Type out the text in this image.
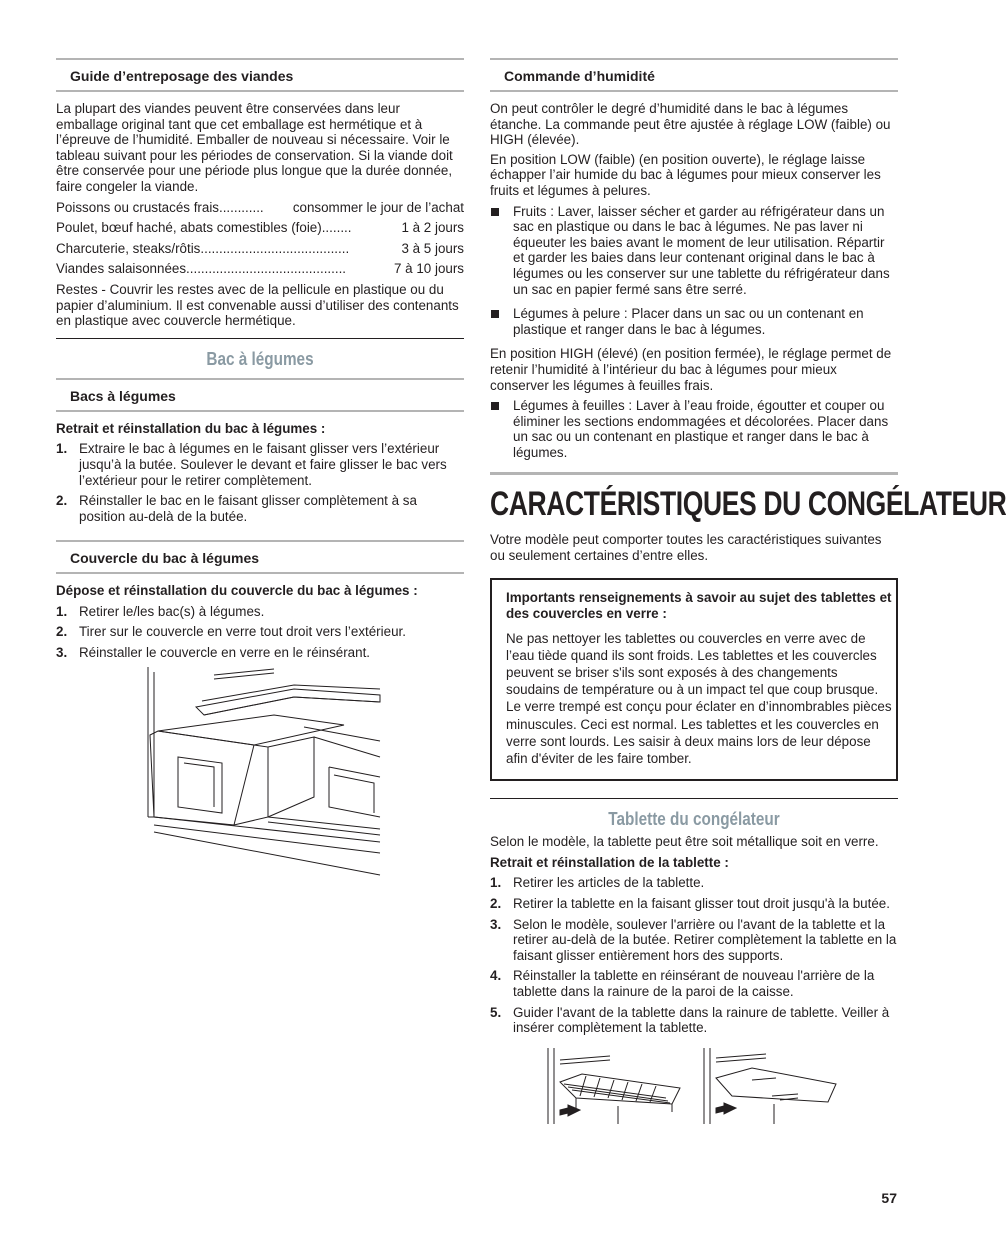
Guide d’entreposage des viandes

La plupart des viandes peuvent être conservées dans leur emballage original tant que cet emballage est hermétique et à l’épreuve de l’humidité. Emballer de nouveau si nécessaire. Voir le tableau suivant pour les périodes de conservation. Si la viande doit être conservée pour une période plus longue que la durée donnée, faire congeler la viande.

Poissons ou crustacés frais............ consommer le jour de l’achat
Poulet, bœuf haché, abats comestibles (foie)........	1 à 2 jours
Charcuterie, steaks/rôtis........................................	3 à 5 jours
Viandes salaisonnées...........................................	7 à 10 jours

Restes - Couvrir les restes avec de la pellicule en plastique ou du papier d’aluminium. Il est convenable aussi d’utiliser des contenants en plastique avec couvercle hermétique.

Bac à légumes
Bacs à légumes

Retrait et réinstallation du bac à légumes :

1. Extraire le bac à légumes en le faisant glisser vers l’extérieur jusqu’à la butée. Soulever le devant et faire glisser le bac vers l’extérieur pour le retirer complètement.
2. Réinstaller le bac en le faisant glisser complètement à sa position au-delà de la butée.
Couvercle du bac à légumes

Dépose et réinstallation du couvercle du bac à légumes :

1. Retirer le/les bac(s) à légumes.
2. Tirer sur le couvercle en verre tout droit vers l’extérieur.
3. Réinstaller le couvercle en verre en le réinsérant.
Commande d’humidité

On peut contrôler le degré d’humidité dans le bac à légumes étanche. La commande peut être ajustée à réglage LOW (faible) ou HIGH (élevée).

En position LOW (faible) (en position ouverte), le réglage laisse échapper l’air humide du bac à légumes pour mieux conserver les fruits et légumes à pelures.

Fruits : Laver, laisser sécher et garder au réfrigérateur dans un sac en plastique ou dans le bac à légumes. Ne pas laver ni équeuter les baies avant le moment de leur utilisation. Répartir et garder les baies dans leur contenant original dans le bac à légumes ou les conserver sur une tablette du réfrigérateur dans un sac en papier fermé sans être serré.
Légumes à pelure : Placer dans un sac ou un contenant en plastique et ranger dans le bac à légumes.

En position HIGH (élevé) (en position fermée), le réglage permet de retenir l’humidité à l’intérieur du bac à légumes pour mieux conserver les légumes à feuilles frais.

Légumes à feuilles : Laver à l’eau froide, égoutter et couper ou éliminer les sections endommagées et décolorées. Placer dans un sac ou un contenant en plastique et ranger dans le bac à légumes.
CARACTÉRISTIQUES DU CONGÉLATEUR

Votre modèle peut comporter toutes les caractéristiques suivantes ou seulement certaines d’entre elles.

Importants renseignements à savoir au sujet des tablettes et des couvercles en verre :

Ne pas nettoyer les tablettes ou couvercles en verre avec de l’eau tiède quand ils sont froids. Les tablettes et les couvercles peuvent se briser s'ils sont exposés à des changements soudains de température ou à un impact tel que coup brusque. Le verre trempé est conçu pour éclater en d’innombrables pièces minuscules. Ceci est normal. Les tablettes et les couvercles en verre sont lourds. Les saisir à deux mains lors de leur dépose afin d'éviter de les faire tomber.

Tablette du congélateur

Selon le modèle, la tablette peut être soit métallique soit en verre.

Retrait et réinstallation de la tablette :

1. Retirer les articles de la tablette.
2. Retirer la tablette en la faisant glisser tout droit jusqu'à la butée.
3. Selon le modèle, soulever l'arrière ou l'avant de la tablette et la retirer au-delà de la butée. Retirer complètement la tablette en la faisant glisser entièrement hors des supports.
4. Réinstaller la tablette en réinsérant de nouveau l'arrière de la tablette dans la rainure de la paroi de la caisse.
5. Guider l'avant de la tablette dans la rainure de tablette. Veiller à insérer complètement la tablette.
57
